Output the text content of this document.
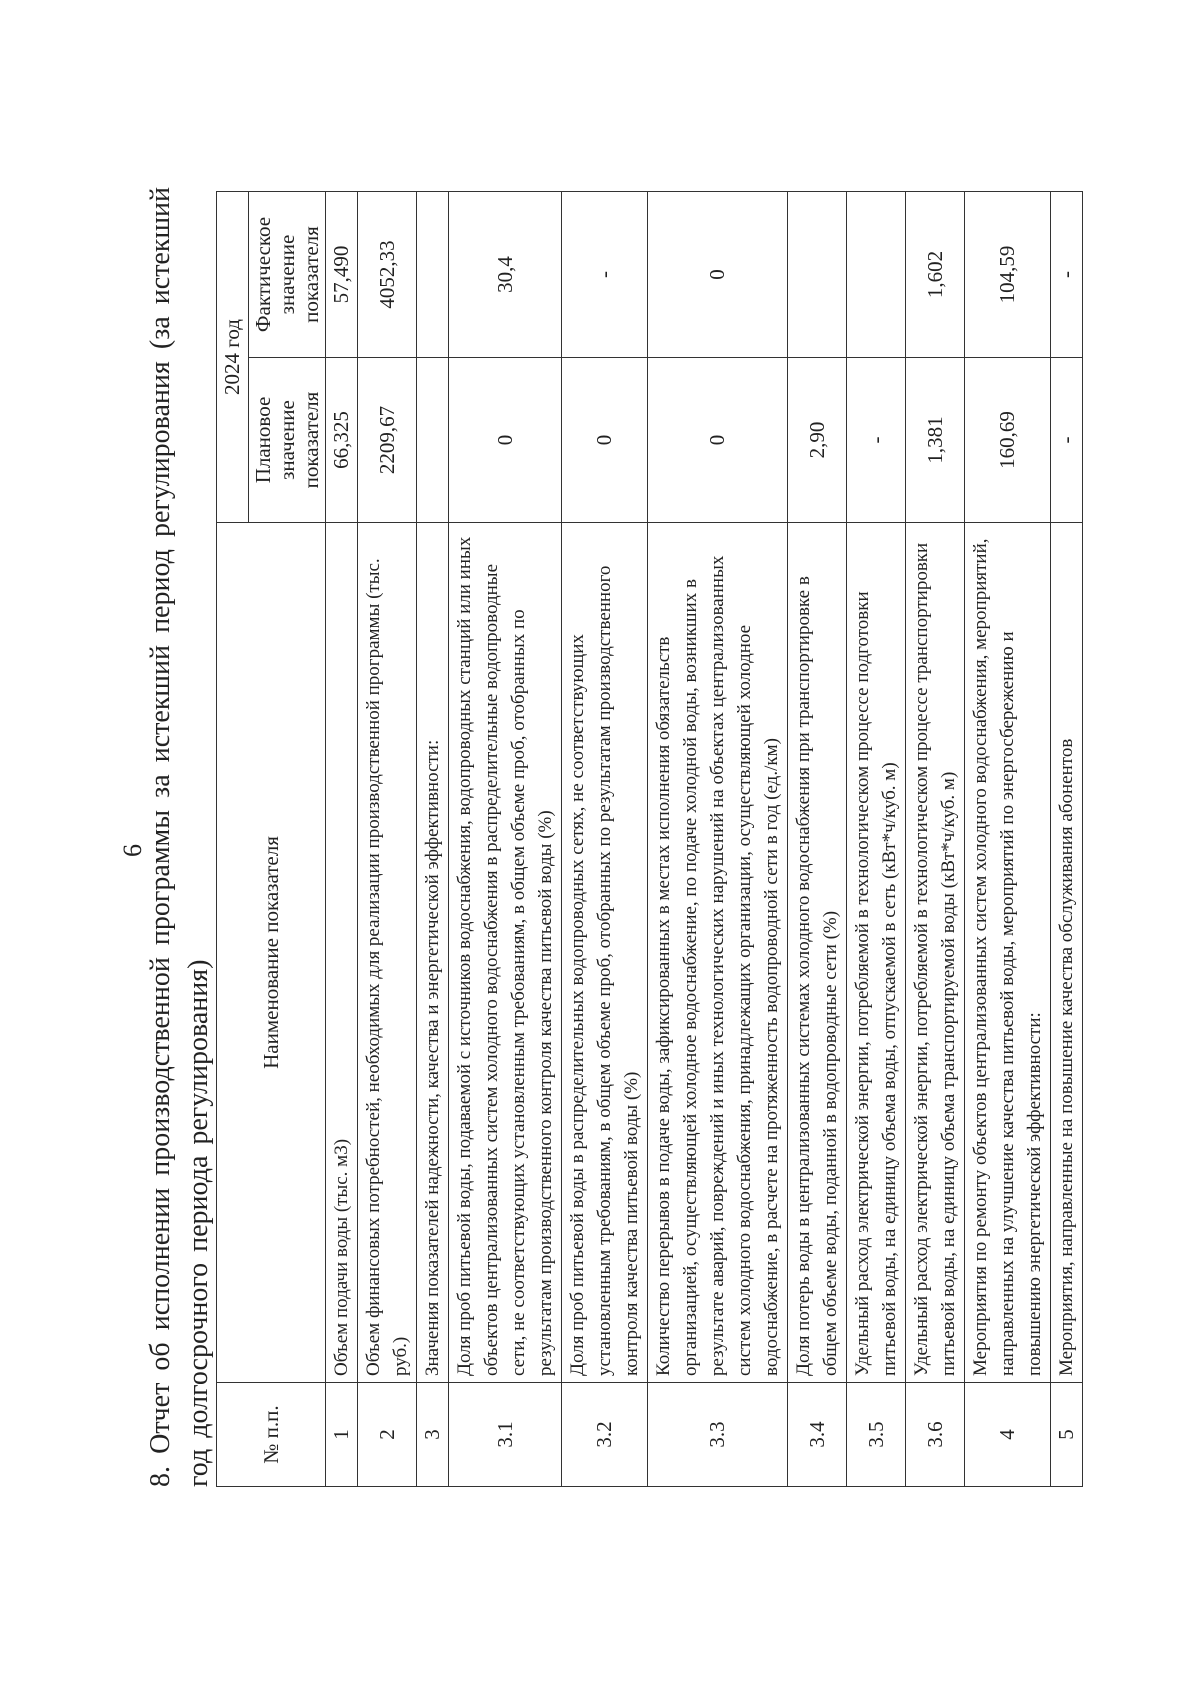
6
8. Отчет об исполнении производственной программы за истекший период регулирования (за истекший год долгосрочного периода регулирования) № п.п.	Наименование показателя	2024 год	
		Плановое значение показателя	Фактическое значение показателя
1	Объем подачи воды (тыс. м3)	66,325	57,490
2	Объем финансовых потребностей, необходимых для реализации производственной программы (тыс. руб.)	2209,67	4052,33
3	Значения показателей надежности, качества и энергетической эффективности:		
3.1	Доля проб питьевой воды, подаваемой с источников водоснабжения, водопроводных станций или иных объектов централизованных систем холодного водоснабжения в распределительные водопроводные сети, не соответствующих установленным требованиям, в общем объеме проб, отобранных по результатам производственного контроля качества питьевой воды (%)	0	30,4
3.2	Доля проб питьевой воды в распределительных водопроводных сетях, не соответствующих установленным требованиям, в общем объеме проб, отобранных по результатам производственного контроля качества питьевой воды (%)	0	-
3.3	Количество перерывов в подаче воды, зафиксированных в местах исполнения обязательств организацией, осуществляющей холодное водоснабжение, по подаче холодной воды, возникших в результате аварий, повреждений и иных технологических нарушений на объектах централизованных систем холодного водоснабжения, принадлежащих организации, осуществляющей холодное водоснабжение, в расчете на протяженность водопроводной сети в год (ед./км)	0	0
3.4	Доля потерь воды в централизованных системах холодного водоснабжения при транспортировке в общем объеме воды, поданной в водопроводные сети (%)	2,90	
3.5	Удельный расход электрической энергии, потребляемой в технологическом процессе подготовки питьевой воды, на единицу объема воды, отпускаемой в сеть (кВт*ч/куб. м)	-	
3.6	Удельный расход электрической энергии, потребляемой в технологическом процессе транспортировки питьевой воды, на единицу объема транспортируемой воды (кВт*ч/куб. м)	1,381	1,602
4	Мероприятия по ремонту объектов централизованных систем холодного водоснабжения, мероприятий, направленных на улучшение качества питьевой воды, мероприятий по энергосбережению и повышению энергетической эффективности:	160,69	104,59
5	Мероприятия, направленные на повышение качества обслуживания абонентов	-	-
